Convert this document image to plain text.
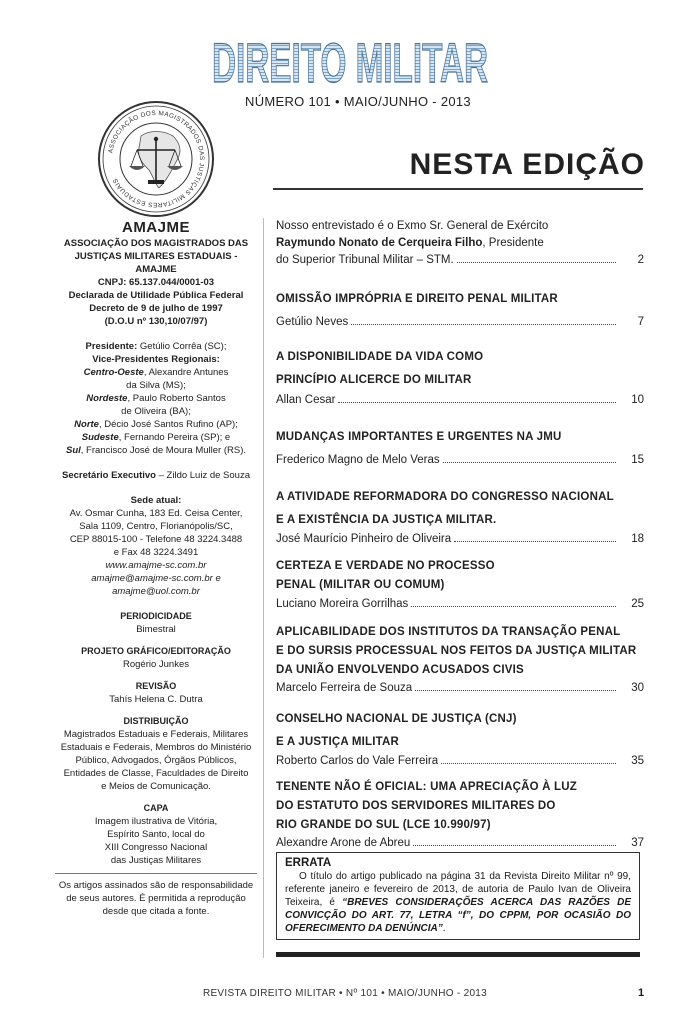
DIREITO MILITAR
NÚMERO 101 • MAIO/JUNHO - 2013
ASSOCIAÇÃO DOS MAGISTRADOS DAS JUSTIÇAS MILITARES ESTADUAIS	NESTA EDIÇÃO
AMAJME
ASSOCIAÇÃO DOS MAGISTRADOS DAS
JUSTIÇAS MILITARES ESTADUAIS - AMAJME
CNPJ: 65.137.044/0001-03
Declarada de Utilidade Pública Federal
Decreto de 9 de julho de 1997
(D.O.U nº 130,10/07/97)
Presidente: Getúlio Corrêa (SC);
Vice-Presidentes Regionais:
Centro-Oeste, Alexandre Antunes
da Silva (MS);
Nordeste, Paulo Roberto Santos
de Oliveira (BA);
Norte, Décio José Santos Rufino (AP);
Sudeste, Fernando Pereira (SP); e
Sul, Francisco José de Moura Muller (RS).
Secretário Executivo – Zildo Luiz de Souza
Sede atual:
Av. Osmar Cunha, 183 Ed. Ceisa Center,
Sala 1109, Centro, Florianópolis/SC,
CEP 88015-100 - Telefone 48 3224.3488
e Fax 48 3224.3491
www.amajme-sc.com.br
amajme@amajme-sc.com.br e amajme@uol.com.br
PERIODICIDADE
Bimestral
PROJETO GRÁFICO/EDITORAÇÃO
Rogério Junkes
REVISÃO
Tahís Helena C. Dutra
DISTRIBUIÇÃO
Magistrados Estaduais e Federais, Militares
Estaduais e Federais, Membros do Ministério
Público, Advogados, Órgãos Públicos,
Entidades de Classe, Faculdades de Direito
e Meios de Comunicação.
CAPA
Imagem ilustrativa de Vitória,
Espírito Santo, local do
XIII Congresso Nacional
das Justiças Militares
Os artigos assinados são de responsabilidade
de seus autores. É permitida a reprodução
desde que citada a fonte.
Nosso entrevistado é o Exmo Sr. General de Exército
Raymundo Nonato de Cerqueira Filho, Presidente
do Superior Tribunal Militar – STM.	2
OMISSÃO IMPRÓPRIA E DIREITO PENAL MILITAR
Getúlio Neves	7
A DISPONIBILIDADE DA VIDA COMO
PRINCÍPIO ALICERCE DO MILITAR
Allan Cesar	10
MUDANÇAS IMPORTANTES E URGENTES NA JMU
Frederico Magno de Melo Veras	15
A ATIVIDADE REFORMADORA DO CONGRESSO NACIONAL
E A EXISTÊNCIA DA JUSTIÇA MILITAR.
José Maurício Pinheiro de Oliveira	18
CERTEZA E VERDADE NO PROCESSO
PENAL (MILITAR OU COMUM)
Luciano Moreira Gorrilhas	25
APLICABILIDADE DOS INSTITUTOS DA TRANSAÇÃO PENAL
E DO SURSIS PROCESSUAL NOS FEITOS DA JUSTIÇA MILITAR
DA UNIÃO ENVOLVENDO ACUSADOS CIVIS
Marcelo Ferreira de Souza	30
CONSELHO NACIONAL DE JUSTIÇA (CNJ)
E A JUSTIÇA MILITAR
Roberto Carlos do Vale Ferreira	35
TENENTE NÃO É OFICIAL: UMA APRECIAÇÃO À LUZ
DO ESTATUTO DOS SERVIDORES MILITARES DO
RIO GRANDE DO SUL (LCE 10.990/97)
Alexandre Arone de Abreu	37
ERRATA
O título do artigo publicado na página 31 da Revista Direito Militar nº 99, referente janeiro e fevereiro de 2013, de autoria de Paulo Ivan de Oliveira Teixeira, é “BREVES CONSIDERAÇÕES ACERCA DAS RAZÕES DE CONVICÇÃO DO ART. 77, LETRA “f”, DO CPPM, POR OCASIÃO DO OFERECIMENTO DA DENÚNCIA”.
REVISTA DIREITO MILITAR • Nº 101 • MAIO/JUNHO - 2013	1
